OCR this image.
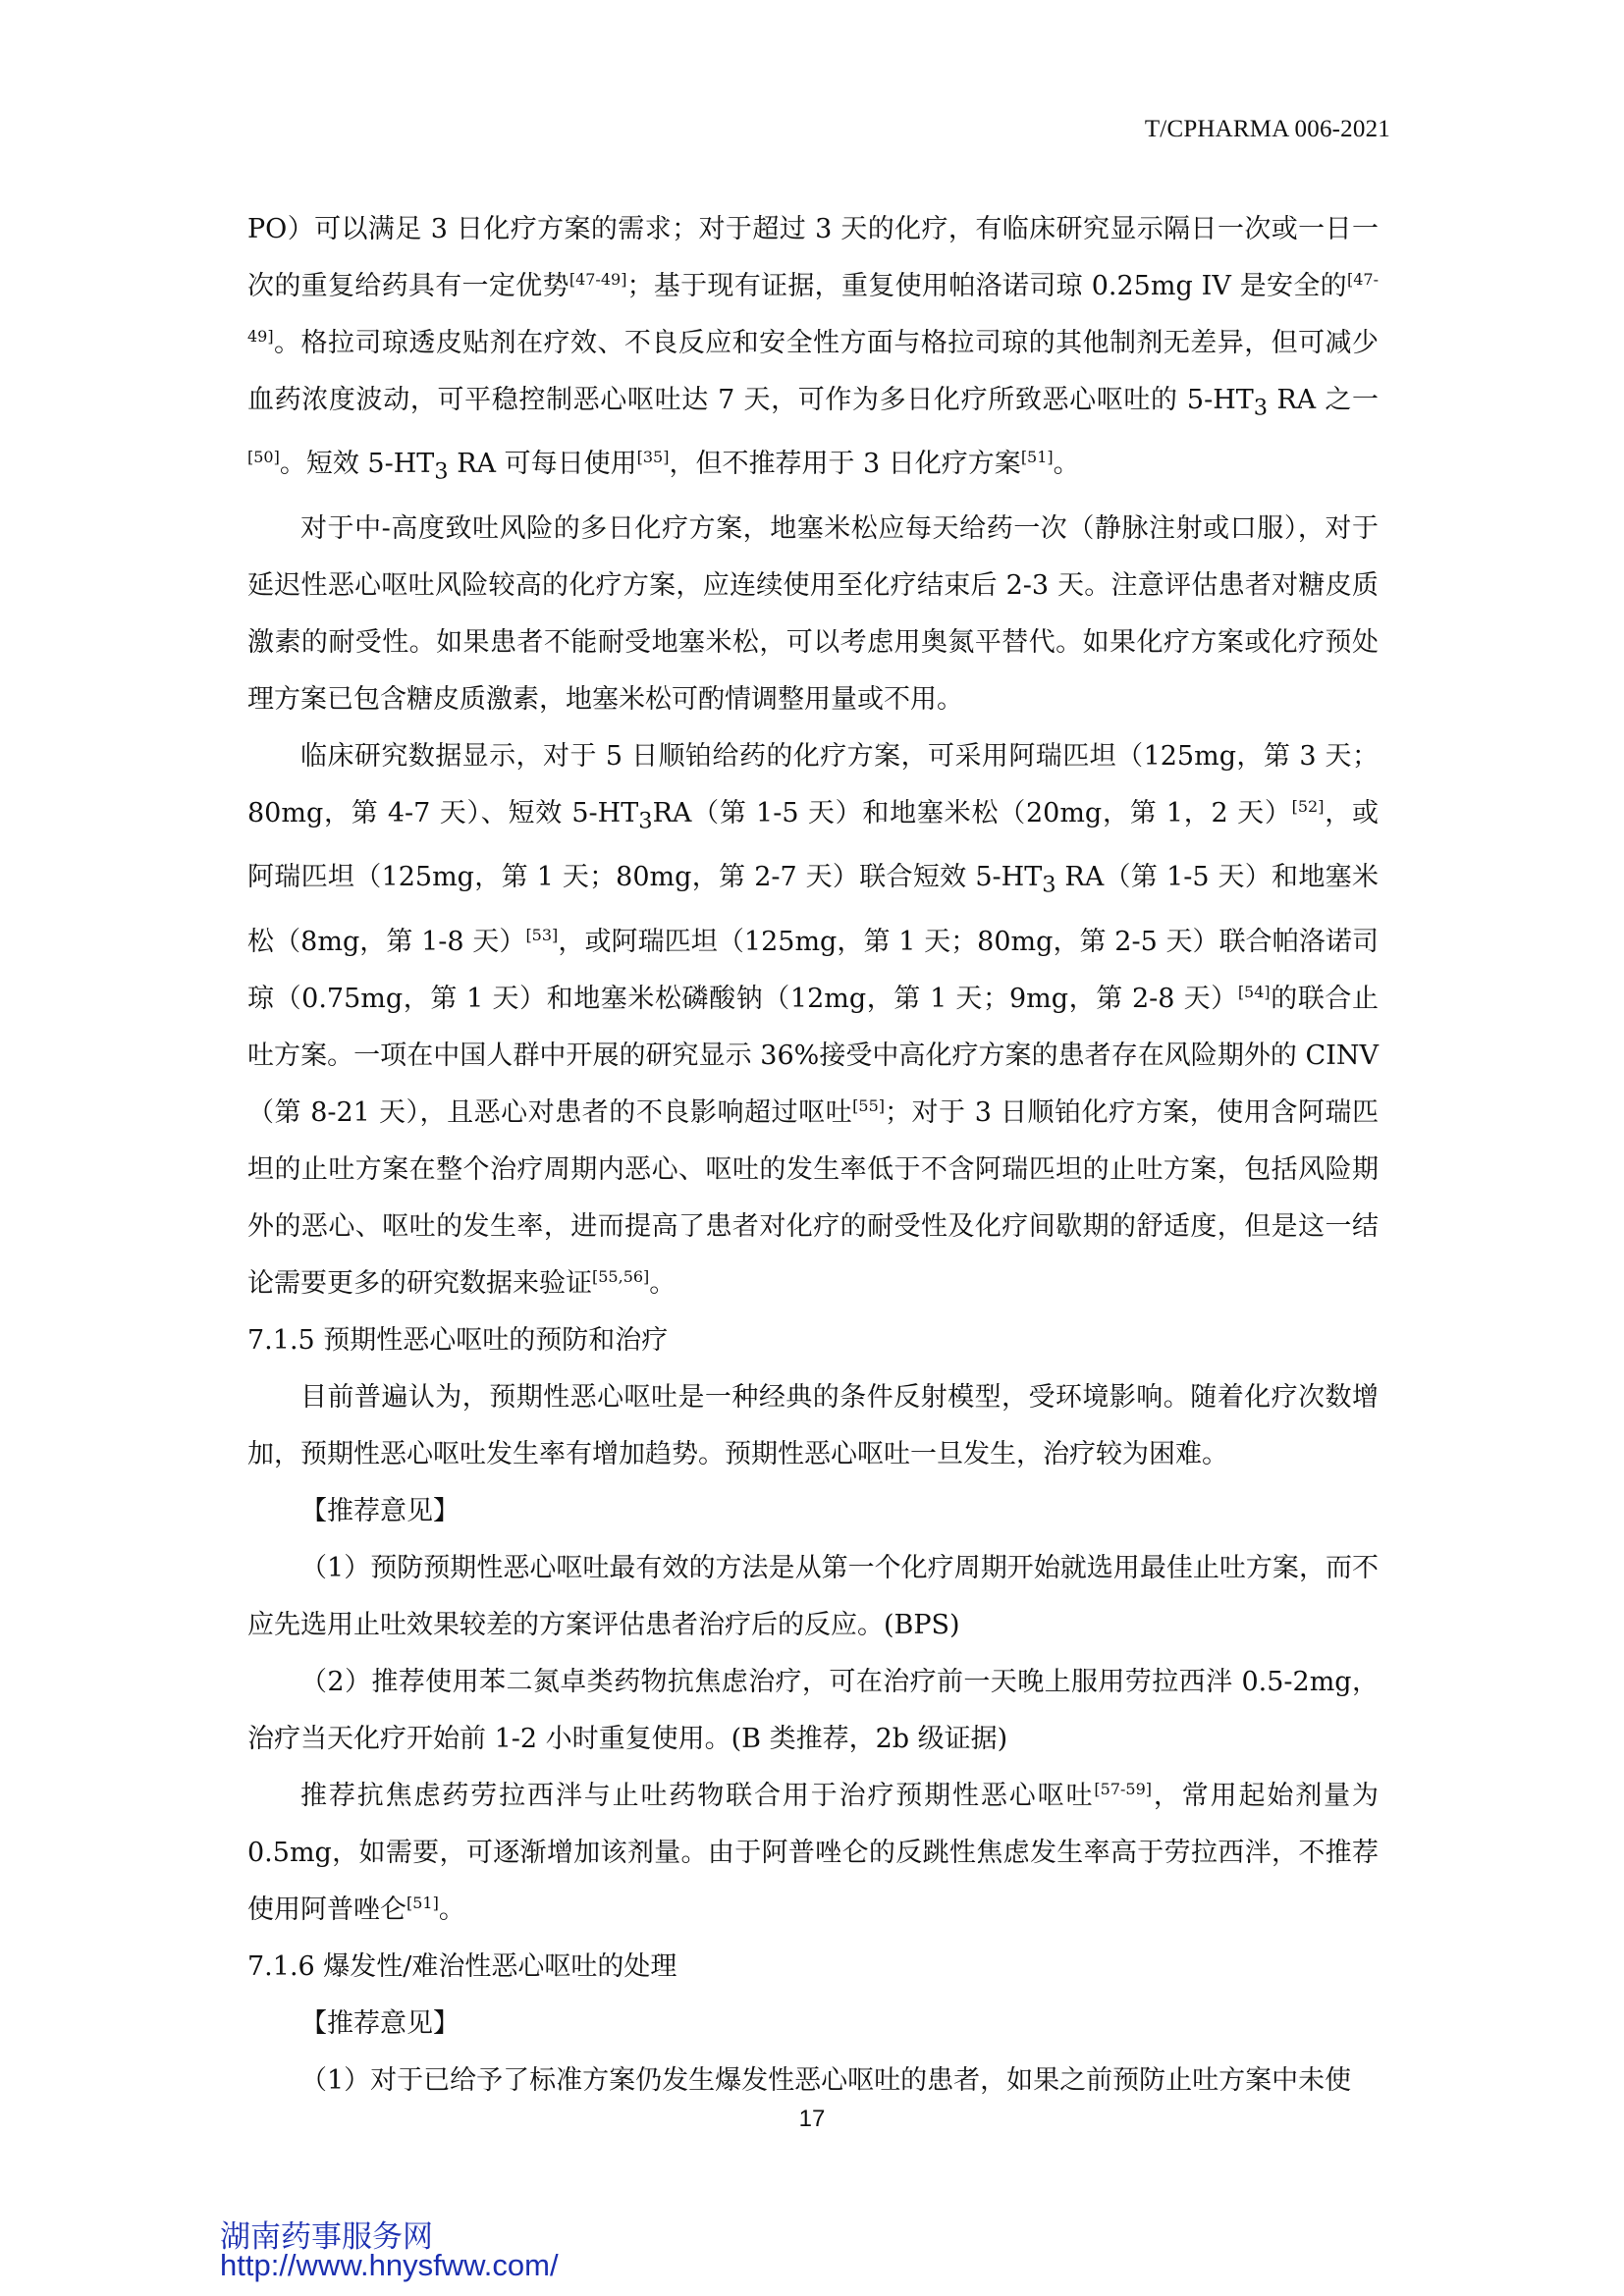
T/CPHARMA 006-2021

PO）可以满足 3 日化疗方案的需求；对于超过 3 天的化疗，有临床研究显示隔日一次或一日一次的重复给药具有一定优势[47-49]；基于现有证据，重复使用帕洛诺司琼 0.25mg IV 是安全的[47-49]。格拉司琼透皮贴剂在疗效、不良反应和安全性方面与格拉司琼的其他制剂无差异，但可减少血药浓度波动，可平稳控制恶心呕吐达 7 天，可作为多日化疗所致恶心呕吐的 $5-HT_3$ RA 之一[50]。短效 $5-HT_3$ RA 可每日使用[35]，但不推荐用于 3 日化疗方案[51]。

对于中-高度致吐风险的多日化疗方案，地塞米松应每天给药一次（静脉注射或口服），对于延迟性恶心呕吐风险较高的化疗方案，应连续使用至化疗结束后 2-3 天。注意评估患者对糖皮质激素的耐受性。如果患者不能耐受地塞米松，可以考虑用奥氮平替代。如果化疗方案或化疗预处理方案已包含糖皮质激素，地塞米松可酌情调整用量或不用。

临床研究数据显示，对于 5 日顺铂给药的化疗方案，可采用阿瑞匹坦（125mg，第 3 天；80mg，第 4-7 天）、短效 $5-HT_3RA$（第 1-5 天）和地塞米松（20mg，第 1，2 天）[52]，或阿瑞匹坦（125mg，第 1 天；80mg，第 2-7 天）联合短效 $5-HT_3$ RA（第 1-5 天）和地塞米松（8mg，第 1-8 天）[53]，或阿瑞匹坦（125mg，第 1 天；80mg，第 2-5 天）联合帕洛诺司琼（0.75mg，第 1 天）和地塞米松磷酸钠（12mg，第 1 天；9mg，第 2-8 天）[54]的联合止吐方案。一项在中国人群中开展的研究显示 36%接受中高化疗方案的患者存在风险期外的 CINV（第 8-21 天），且恶心对患者的不良影响超过呕吐[55]；对于 3 日顺铂化疗方案，使用含阿瑞匹坦的止吐方案在整个治疗周期内恶心、呕吐的发生率低于不含阿瑞匹坦的止吐方案，包括风险期外的恶心、呕吐的发生率，进而提高了患者对化疗的耐受性及化疗间歇期的舒适度，但是这一结论需要更多的研究数据来验证[55,56]。

7.1.5 预期性恶心呕吐的预防和治疗

目前普遍认为，预期性恶心呕吐是一种经典的条件反射模型，受环境影响。随着化疗次数增加，预期性恶心呕吐发生率有增加趋势。预期性恶心呕吐一旦发生，治疗较为困难。

【推荐意见】

（1）预防预期性恶心呕吐最有效的方法是从第一个化疗周期开始就选用最佳止吐方案，而不应先选用止吐效果较差的方案评估患者治疗后的反应。(BPS)

（2）推荐使用苯二氮卓类药物抗焦虑治疗，可在治疗前一天晚上服用劳拉西泮 0.5-2mg，治疗当天化疗开始前 1-2 小时重复使用。(B 类推荐，2b 级证据)

推荐抗焦虑药劳拉西泮与止吐药物联合用于治疗预期性恶心呕吐[57-59]，常用起始剂量为 0.5mg，如需要，可逐渐增加该剂量。由于阿普唑仑的反跳性焦虑发生率高于劳拉西泮，不推荐使用阿普唑仑[51]。

7.1.6 爆发性/难治性恶心呕吐的处理

【推荐意见】

（1）对于已给予了标准方案仍发生爆发性恶心呕吐的患者，如果之前预防止吐方案中未使

17
湖南药事服务网
http://www.hnysfww.com/
